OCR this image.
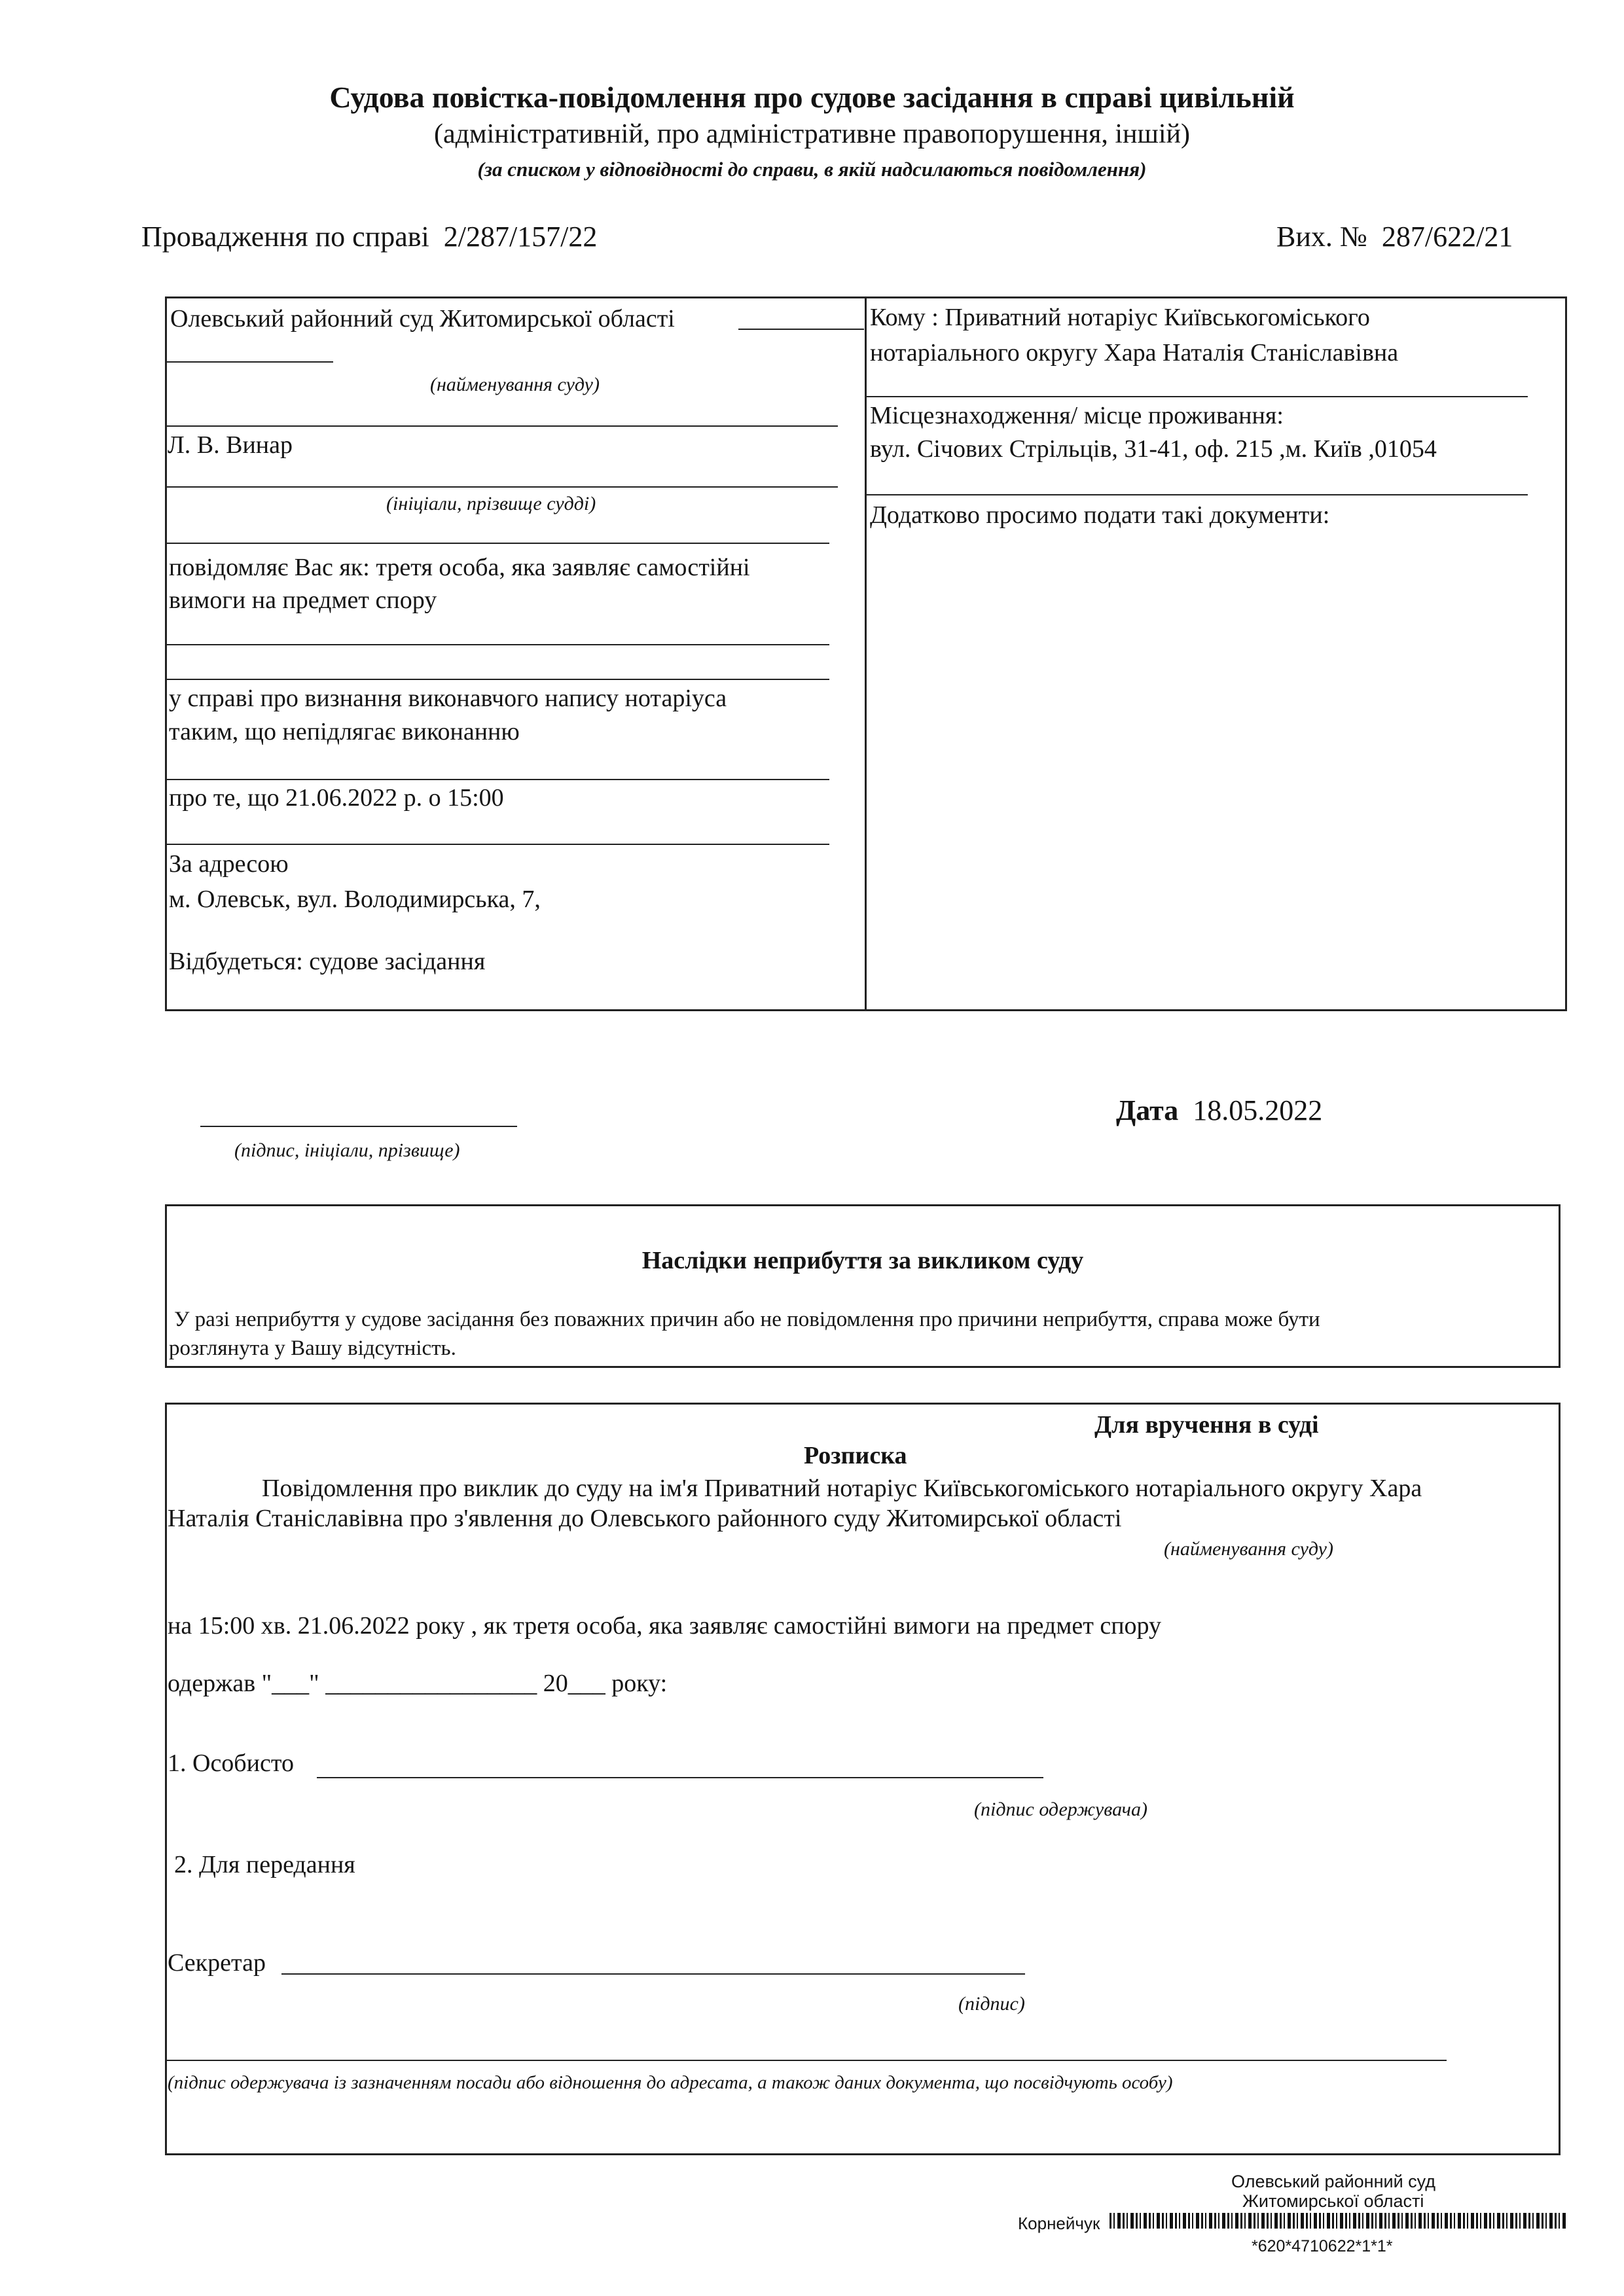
Судова повістка-повідомлення про судове засідання в справі цивільній
(адміністративній, про адміністративне правопорушення, іншій)
(за списком у відповідності до справи, в якій надсилаються повідомлення)
Провадження по справі 2/287/157/22	Вих. № 287/622/21
Олевський районний суд Житомирської області
(найменування суду)
Л. В. Винар
(ініціали, прізвище судді)
повідомляє Вас як: третя особа, яка заявляє самостійні
вимоги на предмет спору
у справі про визнання виконавчого напису нотаріуса
таким, що непідлягає виконанню
про те, що 21.06.2022 р. о 15:00
За адресою
м. Олевськ, вул. Володимирська, 7,
Відбудеться: судове засідання
Кому : Приватний нотаріус Київськогоміського
нотаріального округу Хара Наталія Станіславівна
Місцезнаходження/ місце проживання:
вул. Січових Стрільців, 31-41, оф. 215 ,м. Київ ,01054
Додатково просимо подати такі документи:
(підпис, ініціали, прізвище)
Дата 18.05.2022
Наслідки неприбуття за викликом суду
У разі неприбуття у судове засідання без поважних причин або не повідомлення про причини неприбуття, справа може бути
розглянута у Вашу відсутність.
Для вручення в суді
Розписка
Повідомлення про виклик до суду на ім'я Приватний нотаріус Київськогоміського нотаріального округу Хара
Наталія Станіславівна про з'явлення до Олевського районного суду Житомирської області
(найменування суду)
на 15:00 хв. 21.06.2022 року , як третя особа, яка заявляє самостійні вимоги на предмет спору
одержав "___" _________________ 20___ року:
1. Особисто
(підпис одержувача)
2. Для передання
Секретар
(підпис)
(підпис одержувача із зазначенням посади або відношення до адресата, а також даних документа, що посвідчують особу)
Олевський районний суд
Житомирської області
Корнейчук
*620*4710622*1*1*
